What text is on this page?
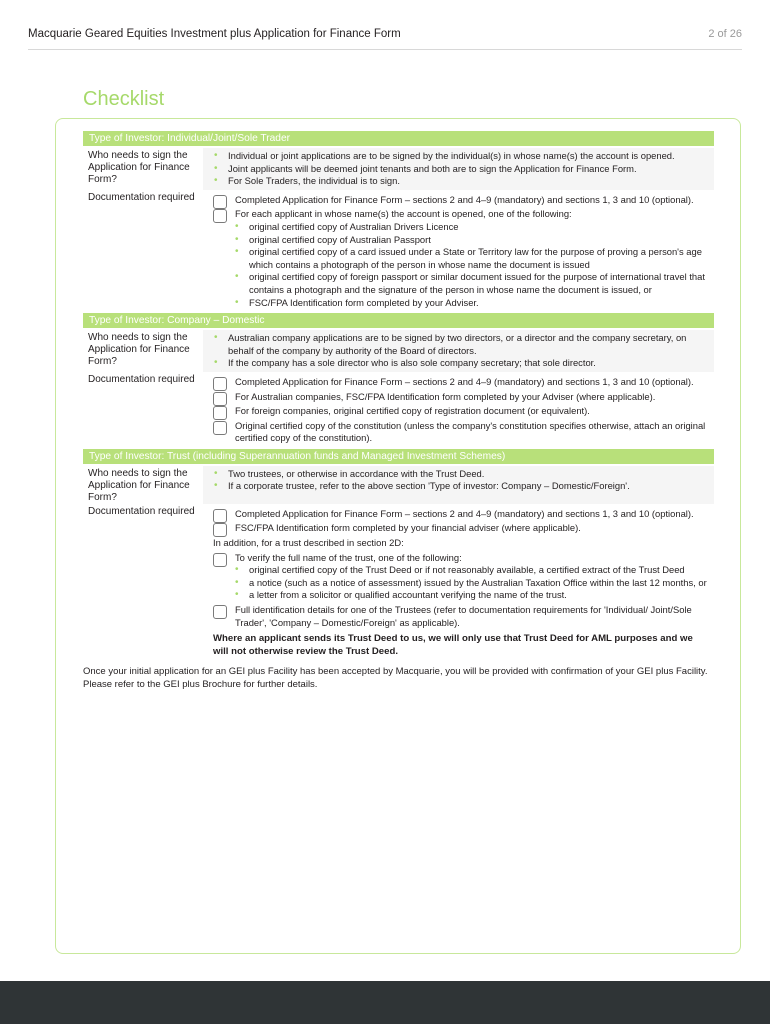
Macquarie Geared Equities Investment plus Application for Finance Form	2 of 26
Checklist
Type of Investor: Individual/Joint/Sole Trader
Who needs to sign the Application for Finance Form?
• Individual or joint applications are to be signed by the individual(s) in whose name(s) the account is opened.
• Joint applicants will be deemed joint tenants and both are to sign the Application for Finance Form.
• For Sole Traders, the individual is to sign.
Documentation required	Completed Application for Finance Form – sections 2 and 4–9 (mandatory) and sections 1, 3 and 10 (optional).
For each applicant in whose name(s) the account is opened, one of the following:
• original certified copy of Australian Drivers Licence
• original certified copy of Australian Passport
• original certified copy of a card issued under a State or Territory law for the purpose of proving a person's age which contains a photograph of the person in whose name the document is issued
• original certified copy of foreign passport or similar document issued for the purpose of international travel that contains a photograph and the signature of the person in whose name the document is issued, or
• FSC/FPA Identification form completed by your Adviser.
Type of Investor: Company – Domestic
Who needs to sign the Application for Finance Form?
• Australian company applications are to be signed by two directors, or a director and the company secretary, on behalf of the company by authority of the Board of directors.
• If the company has a sole director who is also sole company secretary; that sole director.
Documentation required	Completed Application for Finance Form – sections 2 and 4–9 (mandatory) and sections 1, 3 and 10 (optional).
For Australian companies, FSC/FPA Identification form completed by your Adviser (where applicable).
For foreign companies, original certified copy of registration document (or equivalent).
Original certified copy of the constitution (unless the company's constitution specifies otherwise, attach an original certified copy of the constitution).
Type of Investor: Trust (including Superannuation funds and Managed Investment Schemes)
Who needs to sign the Application for Finance Form?
• Two trustees, or otherwise in accordance with the Trust Deed.
• If a corporate trustee, refer to the above section 'Type of investor: Company – Domestic/Foreign'.
Documentation required	Completed Application for Finance Form – sections 2 and 4–9 (mandatory) and sections 1, 3 and 10 (optional).
FSC/FPA Identification form completed by your financial adviser (where applicable).
In addition, for a trust described in section 2D:
To verify the full name of the trust, one of the following:
• original certified copy of the Trust Deed or if not reasonably available, a certified extract of the Trust Deed
• a notice (such as a notice of assessment) issued by the Australian Taxation Office within the last 12 months, or
• a letter from a solicitor or qualified accountant verifying the name of the trust.
Full identification details for one of the Trustees (refer to documentation requirements for 'Individual/ Joint/Sole Trader', 'Company – Domestic/Foreign' as applicable).
Where an applicant sends its Trust Deed to us, we will only use that Trust Deed for AML purposes and we will not otherwise review the Trust Deed.
Once your initial application for an GEI plus Facility has been accepted by Macquarie, you will be provided with confirmation of your GEI plus Facility. Please refer to the GEI plus Brochure for further details.
